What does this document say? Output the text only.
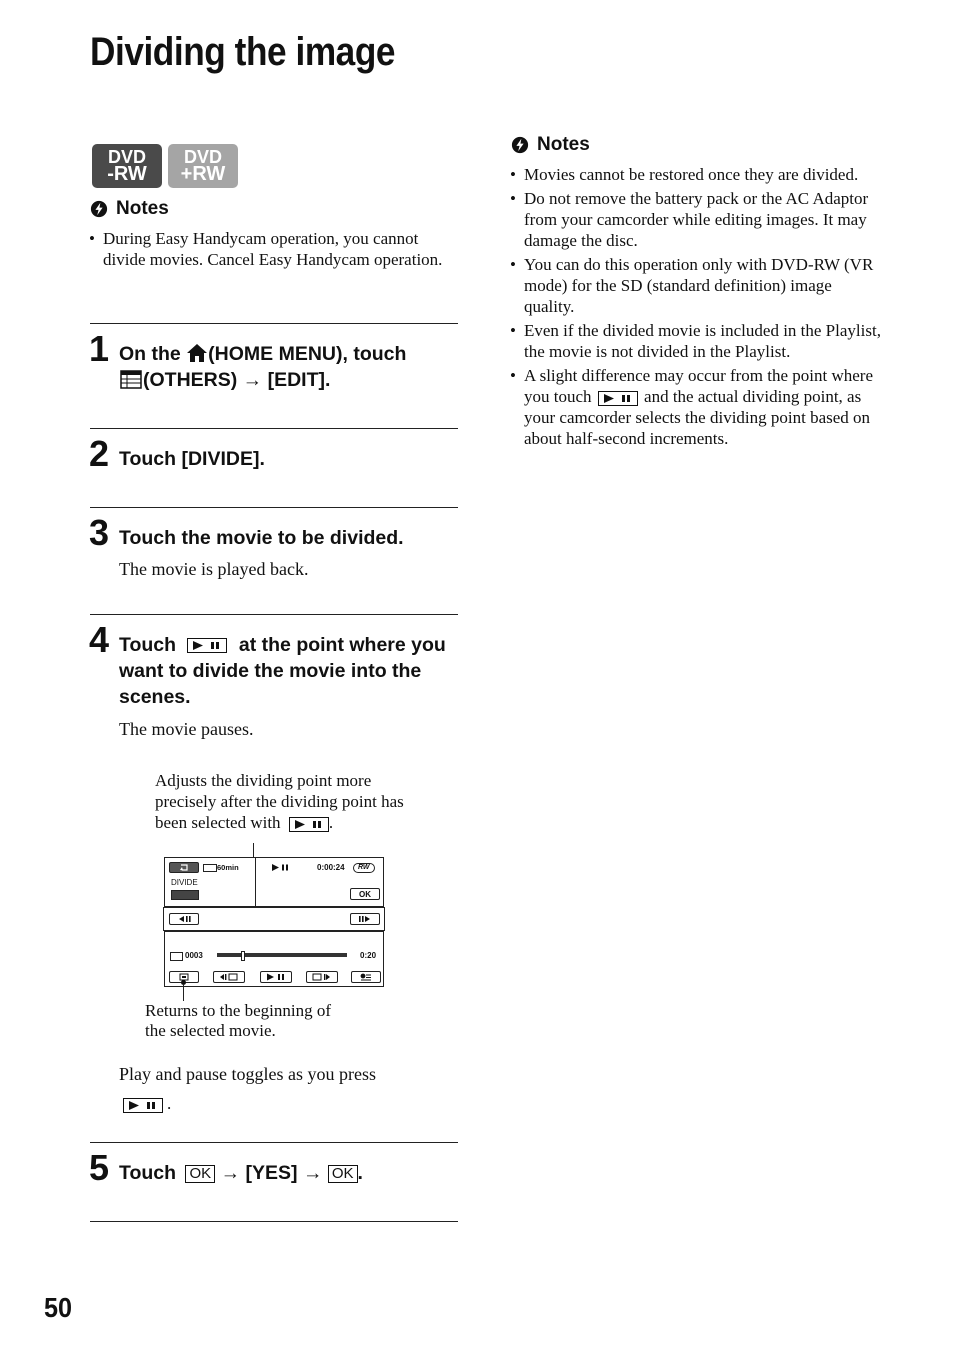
Dividing the image
DVD
-RW
DVD
+RW
Notes
• During Easy Handycam operation, you cannot divide movies. Cancel Easy Handycam operation.
1 On the (HOME MENU), touch
(OTHERS) → [EDIT].
2 Touch [DIVIDE].
3 Touch the movie to be divided.
The movie is played back.
4 Touch	at the point where you want to divide the movie into the scenes.
The movie pauses.
Adjusts the dividing point more
precisely after the dividing point has
been selected with	.
60min	0:00:24	RW
DIVIDE
OK
0003	0:20
Returns to the beginning of
the selected movie.
Play and pause toggles as you press
.
5 Touch OK → [YES] → OK .
Notes
• Movies cannot be restored once they are divided.
• Do not remove the battery pack or the AC Adaptor from your camcorder while editing images. It may damage the disc.
• You can do this operation only with DVD-RW (VR mode) for the SD (standard definition) image quality.
• Even if the divided movie is included in the Playlist, the movie is not divided in the Playlist.
• A slight difference may occur from the point where you touch	and the actual dividing point, as your camcorder selects the dividing point based on about half-second increments.
50
